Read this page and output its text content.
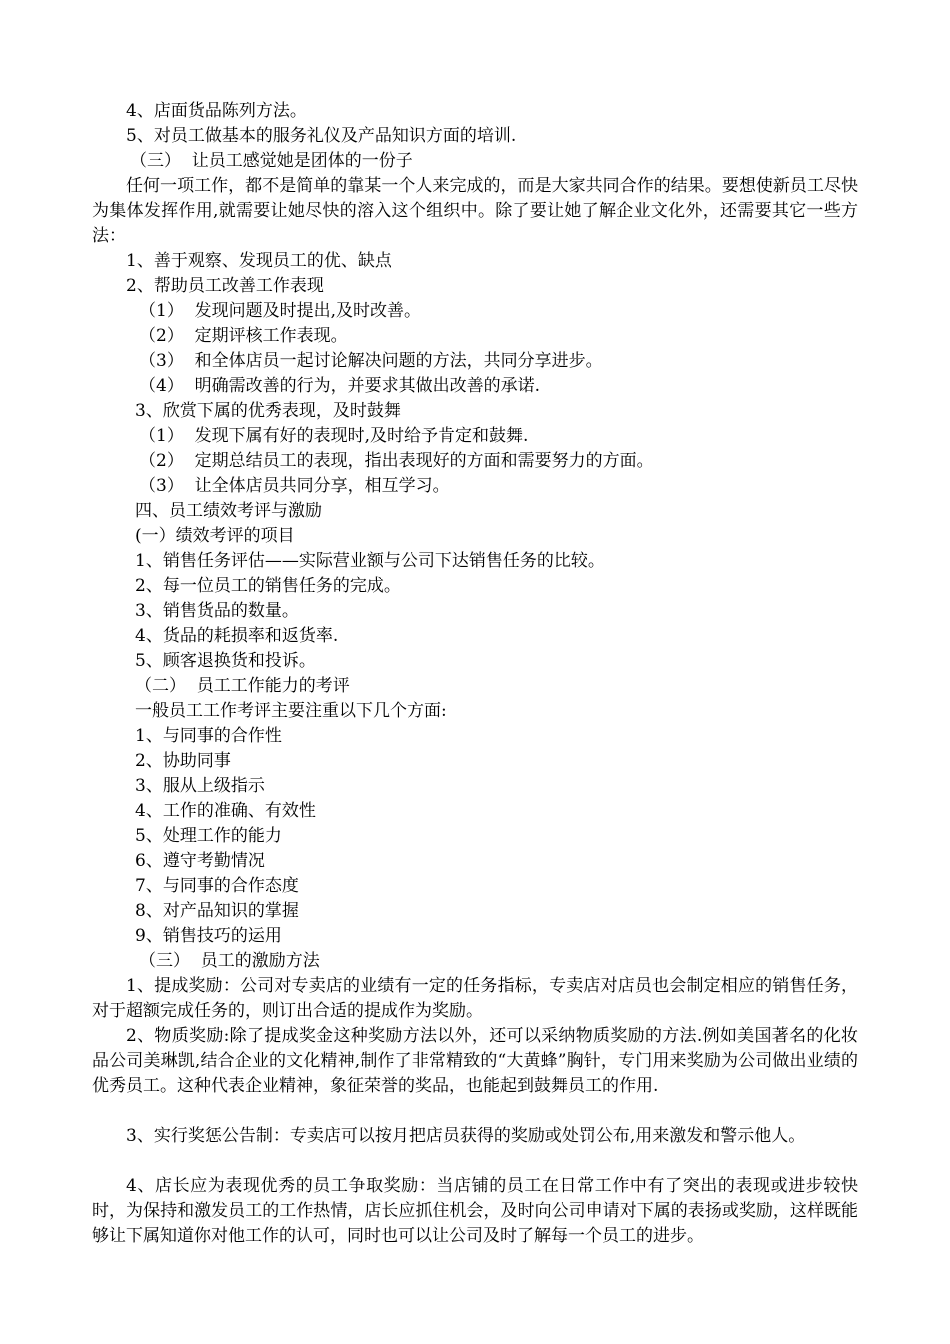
4、店面货品陈列方法。
5、对员工做基本的服务礼仪及产品知识方面的培训.
（三）  让员工感觉她是团体的一份子
任何一项工作，都不是简单的靠某一个人来完成的，而是大家共同合作的结果。要想使新员工尽快为集体发挥作用,就需要让她尽快的溶入这个组织中。除了要让她了解企业文化外，还需要其它一些方法：
1、善于观察、发现员工的优、缺点
2、帮助员工改善工作表现
（1）  发现问题及时提出,及时改善。
（2）  定期评核工作表现。
（3）  和全体店员一起讨论解决问题的方法，共同分享进步。
（4）  明确需改善的行为，并要求其做出改善的承诺.
3、欣赏下属的优秀表现，及时鼓舞
（1）  发现下属有好的表现时,及时给予肯定和鼓舞.
（2）  定期总结员工的表现，指出表现好的方面和需要努力的方面。
（3）  让全体店员共同分享，相互学习。
四、员工绩效考评与激励
(一）绩效考评的项目
1、销售任务评估——实际营业额与公司下达销售任务的比较。
2、每一位员工的销售任务的完成。
3、销售货品的数量。
4、货品的耗损率和返货率.
5、顾客退换货和投诉。
（二）  员工工作能力的考评
一般员工工作考评主要注重以下几个方面:
1、与同事的合作性
2、协助同事
3、服从上级指示
4、工作的准确、有效性
5、处理工作的能力
6、遵守考勤情况
7、与同事的合作态度
8、对产品知识的掌握
9、销售技巧的运用
（三）  员工的激励方法
1、提成奖励：公司对专卖店的业绩有一定的任务指标，专卖店对店员也会制定相应的销售任务，对于超额完成任务的，则订出合适的提成作为奖励。
2、物质奖励:除了提成奖金这种奖励方法以外，还可以采纳物质奖励的方法.例如美国著名的化妆品公司美琳凯,结合企业的文化精神,制作了非常精致的“大黄蜂”胸针，专门用来奖励为公司做出业绩的优秀员工。这种代表企业精神，象征荣誉的奖品，也能起到鼓舞员工的作用.
3、实行奖惩公告制：专卖店可以按月把店员获得的奖励或处罚公布,用来激发和警示他人。
4、店长应为表现优秀的员工争取奖励：当店铺的员工在日常工作中有了突出的表现或进步较快时，为保持和激发员工的工作热情，店长应抓住机会，及时向公司申请对下属的表扬或奖励，这样既能够让下属知道你对他工作的认可，同时也可以让公司及时了解每一个员工的进步。
